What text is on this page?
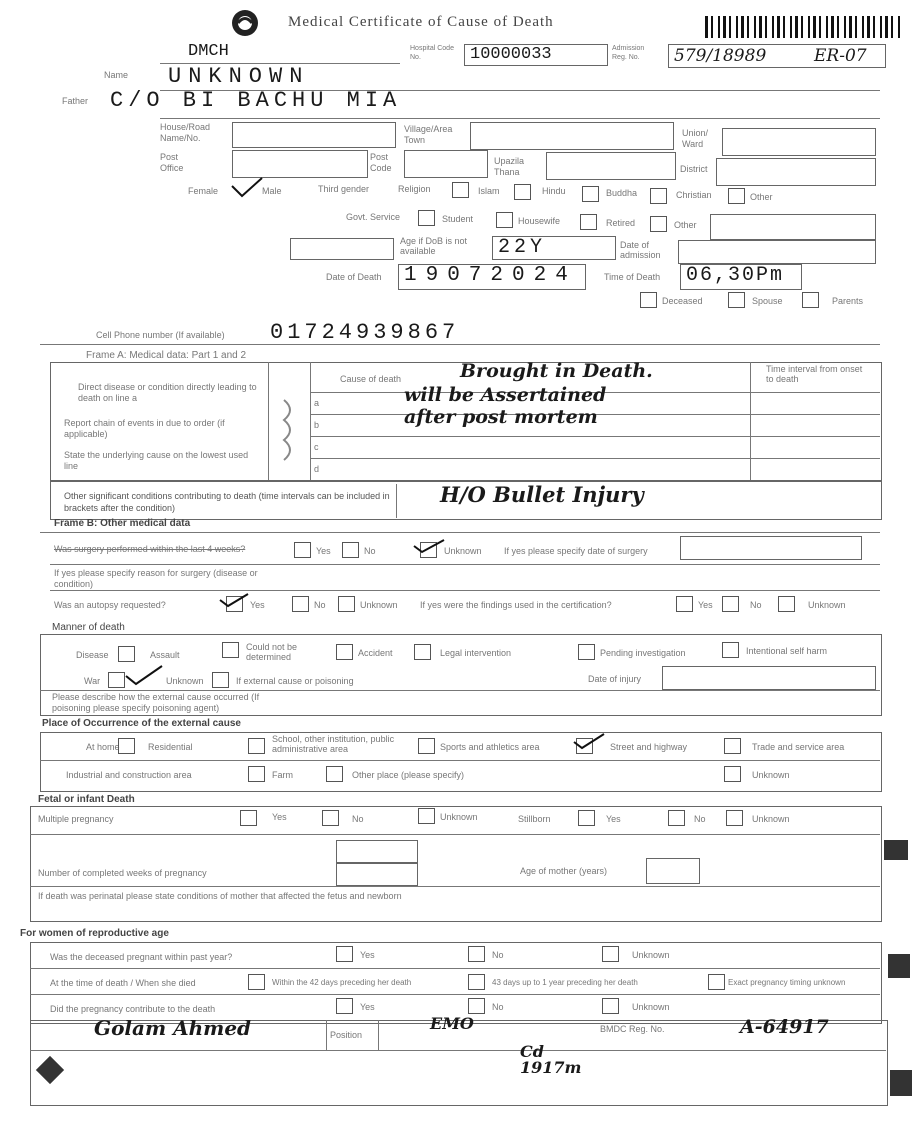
Medical Certificate of Cause of Death
DMCH	Hospital Code No.	10000033	Admission Reg. No.	579/18989	ER-07
Name UNKNOWN
Father C/O BI BACHU MIA
House/Road Name/No.
Village/Area Town
Union/ Ward
Post Office
Post Code
Upazila Thana	District
Female	Male	Third gender	Religion	Islam	Hindu	Buddha	Christian	Other
Govt. Service	Student	Housewife	Retired	Other
Age if DoB is not available	22Y	Date of admission
Date of Death 19072024	Time of Death 06,30Pm
Deceased	Spouse	Parents
Cell Phone number (If available) 01724939867
Frame A: Medical data: Part 1 and 2
Cause of death
Time interval from onset to death
Direct disease or condition directly leading to death on line a
Report chain of events in due to order (if applicable)
State the underlying cause on the lowest used line
a
b
c
d
Brought in Death.
will be Assertained
after post mortem
Other significant conditions contributing to death (time intervals can be included in brackets after the condition)
H/O Bullet Injury
Frame B: Other medical data
Was surgery performed within the last 4 weeks?	Yes	No	Unknown If yes please specify date of surgery
If yes please specify reason for surgery (disease or condition)
Was an autopsy requested?	Yes	No	Unknown If yes were the findings used in the certification?	Yes	No	Unknown
Manner of death
Disease	Assault
Could not be determined	Accident	Legal intervention	Pending investigation	Intentional self harm
War	Unknown	If external cause or poisoning	Date of injury
Please describe how the external cause occurred (If poisoning please specify poisoning agent)
Place of Occurrence of the external cause
At home	Residential
School, other institution, public administrative area	Sports and athletics area	Street and highway	Trade and service area
Industrial and construction area	Farm	Other place (please specify)	Unknown
Fetal or infant Death
Multiple pregnancy	Yes	No	Unknown	Stillborn	Yes	No	Unknown
Number of completed weeks of pregnancy	Age of mother (years)
If death was perinatal please state conditions of mother that affected the fetus and newborn
For women of reproductive age
Was the deceased pregnant within past year?	Yes	No	Unknown
At the time of death / When she died	Within the 42 days preceding her death	43 days up to 1 year preceding her death	Exact pregnancy timing unknown
Did the pregnancy contribute to the death	Yes	No	Unknown
Golam Ahmed	Position
EMO	BMDC Reg. No.	A-64917
Cd 1917m
